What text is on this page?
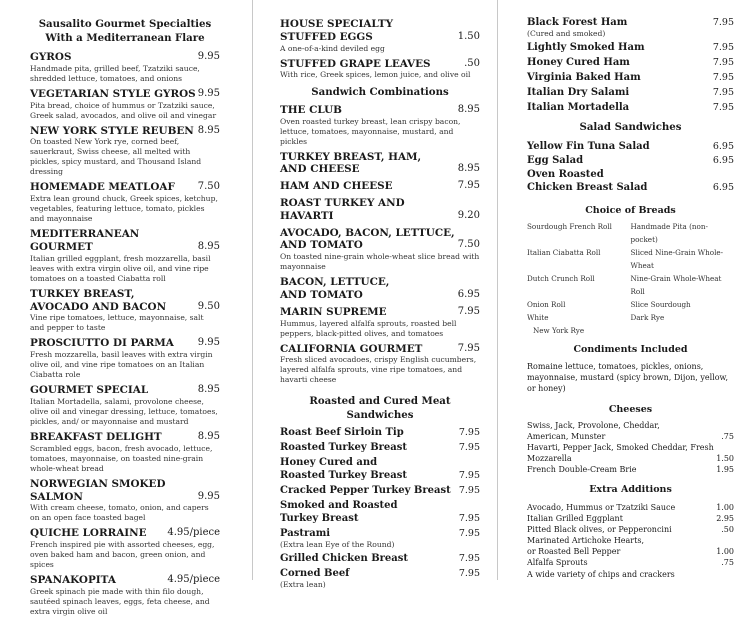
Sausalito Gourmet Specialties
With a Mediterranean Flare
GYROS	9.95
Handmade pita, grilled beef, Tzatziki sauce, shredded lettuce, tomatoes, and onions
VEGETARIAN STYLE GYROS 9.95
Pita bread, choice of hummus or Tzatziki sauce, Greek salad, avocados, and olive oil and vinegar
NEW YORK STYLE REUBEN 8.95
On toasted New York rye, corned beef, sauerkraut, Swiss cheese, all melted with pickles, spicy mustard, and Thousand Island dressing
HOMEMADE MEATLOAF	7.50
Extra lean ground chuck, Greek spices, ketchup, vegetables, featuring lettuce, tomato, pickles and mayonnaise
MEDITERRANEAN GOURMET	8.95
Italian grilled eggplant, fresh mozzarella, basil leaves with extra virgin olive oil, and vine ripe tomatoes on a toasted Ciabatta roll
TURKEY BREAST,
AVOCADO AND BACON	9.50
Vine ripe tomatoes, lettuce, mayonnaise, salt and pepper to taste
PROSCIUTTO DI PARMA	9.95
Fresh mozzarella, basil leaves with extra virgin olive oil, and vine ripe tomatoes on an Italian Ciabatta role
GOURMET SPECIAL	8.95
Italian Mortadella, salami, provolone cheese, olive oil and vinegar dressing, lettuce, tomatoes, pickles, and/ or mayonnaise and mustard
BREAKFAST DELIGHT	8.95
Scrambled eggs, bacon, fresh avocado, lettuce, tomatoes, mayonnaise, on toasted nine-grain whole-wheat bread
NORWEGIAN SMOKED
SALMON	9.95
With cream cheese, tomato, onion, and capers on an open face toasted bagel
QUICHE LORRAINE	4.95/piece
French inspired pie with assorted cheeses, egg, oven baked ham and bacon, green onion, and spices
SPANAKOPITA	4.95/piece
Greek spinach pie made with thin filo dough, sautéed spinach leaves, eggs, feta cheese, and extra virgin olive oil
HOUSE SPECIALTY
STUFFED EGGS	1.50
A one-of-a-kind deviled egg
STUFFED GRAPE LEAVES	.50
With rice, Greek spices, lemon juice, and olive oil
Sandwich Combinations
THE CLUB	8.95
Oven roasted turkey breast, lean crispy bacon, lettuce, tomatoes, mayonnaise, mustard, and pickles
TURKEY BREAST, HAM,
AND CHEESE	8.95
HAM AND CHEESE	7.95
ROAST TURKEY AND HAVARTI	9.20
AVOCADO, BACON, LETTUCE,
AND TOMATO	7.50
On toasted nine-grain whole-wheat slice bread with mayonnaise
BACON, LETTUCE,
AND TOMATO	6.95
MARIN SUPREME	7.95
Hummus, layered alfalfa sprouts, roasted bell peppers, black-pitted olives, and tomatoes
CALIFORNIA GOURMET	7.95
Fresh sliced avocadoes, crispy English cucumbers, layered alfalfa sprouts, vine ripe tomatoes, and havarti cheese
Roasted and Cured Meat
Sandwiches
Roast Beef Sirloin Tip	7.95
Roasted Turkey Breast	7.95
Honey Cured and
Roasted Turkey Breast	7.95
Cracked Pepper Turkey Breast 7.95
Smoked and Roasted
Turkey Breast	7.95
Pastrami	7.95
(Extra lean Eye of the Round)
Grilled Chicken Breast	7.95
Corned Beef	7.95
(Extra lean)
Black Forest Ham	7.95
(Cured and smoked)
Lightly Smoked Ham	7.95
Honey Cured Ham	7.95
Virginia Baked Ham	7.95
Italian Dry Salami	7.95
Italian Mortadella	7.95
Salad Sandwiches
Yellow Fin Tuna Salad	6.95
Egg Salad	6.95
Oven Roasted
Chicken Breast Salad	6.95
Choice of Breads
Sourdough French Roll	Handmade Pita (non-pocket)
Italian Ciabatta Roll	Sliced Nine-Grain Whole-Wheat
Dutch Crunch Roll	Nine-Grain Whole-Wheat Roll
Onion Roll	Slice Sourdough
White	Dark Rye
New York Rye
Condiments Included
Romaine lettuce, tomatoes, pickles, onions, mayonnaise, mustard (spicy brown, Dijon, yellow, or honey)
Cheeses
Swiss, Jack, Provolone, Cheddar,
American, Munster	.75
Havarti, Pepper Jack, Smoked Cheddar, Fresh
Mozzarella	1.50
French Double-Cream Brie	1.95
Extra Additions
Avocado, Hummus or Tzatziki Sauce	1.00
Italian Grilled Eggplant	2.95
Pitted Black olives, or Pepperoncini	.50
Marinated Artichoke Hearts,
or Roasted Bell Pepper	1.00
Alfalfa Sprouts	.75
A wide variety of chips and crackers
